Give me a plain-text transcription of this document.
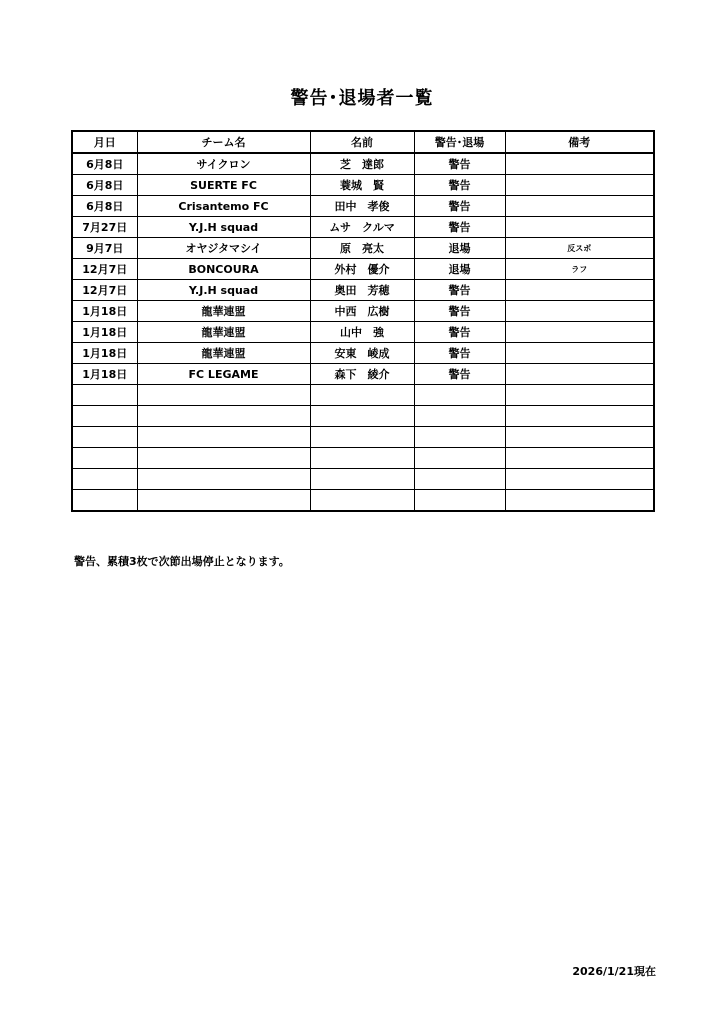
警告･退場者一覧
月日	チーム名	名前	警告･退場	備考
6月8日	サイクロン	芝　達郎	警告	
6月8日	SUERTE FC	蓑城　賢	警告	
6月8日	Crisantemo FC	田中　孝俊	警告	
7月27日	Y.J.H squad	ムサ　クルマ	警告	
9月7日	オヤジタマシイ	原　亮太	退場	反スポ
12月7日	BONCOURA	外村　優介	退場	ラフ
12月7日	Y.J.H squad	奥田　芳穂	警告	
1月18日	龍華連盟	中西　広樹	警告	
1月18日	龍華連盟	山中　強	警告	
1月18日	龍華連盟	安東　崚成	警告	
1月18日	FC LEGAME	森下　綾介	警告	

警告、累積3枚で次節出場停止となります。
2026/1/21現在
